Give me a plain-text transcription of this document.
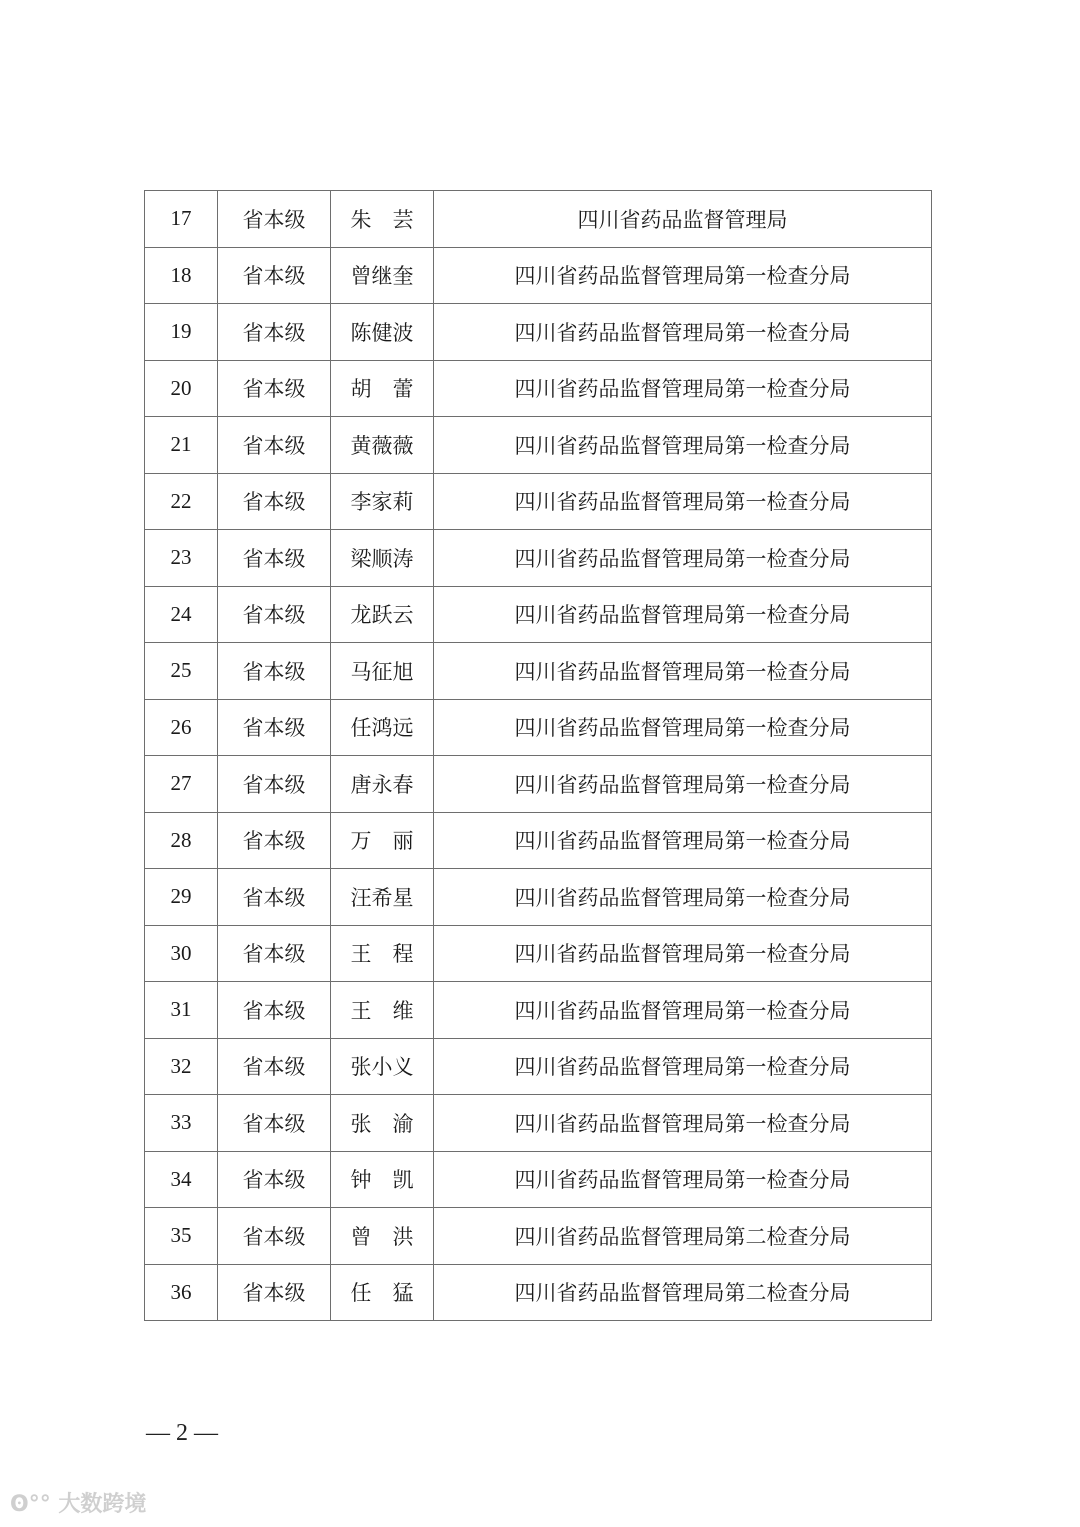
17	省本级	朱　芸	四川省药品监督管理局
18	省本级	曾继奎	四川省药品监督管理局第一检查分局
19	省本级	陈健波	四川省药品监督管理局第一检查分局
20	省本级	胡　蕾	四川省药品监督管理局第一检查分局
21	省本级	黄薇薇	四川省药品监督管理局第一检查分局
22	省本级	李家莉	四川省药品监督管理局第一检查分局
23	省本级	梁顺涛	四川省药品监督管理局第一检查分局
24	省本级	龙跃云	四川省药品监督管理局第一检查分局
25	省本级	马征旭	四川省药品监督管理局第一检查分局
26	省本级	任鸿远	四川省药品监督管理局第一检查分局
27	省本级	唐永春	四川省药品监督管理局第一检查分局
28	省本级	万　丽	四川省药品监督管理局第一检查分局
29	省本级	汪希星	四川省药品监督管理局第一检查分局
30	省本级	王　程	四川省药品监督管理局第一检查分局
31	省本级	王　维	四川省药品监督管理局第一检查分局
32	省本级	张小义	四川省药品监督管理局第一检查分局
33	省本级	张　渝	四川省药品监督管理局第一检查分局
34	省本级	钟　凯	四川省药品监督管理局第一检查分局
35	省本级	曾　洪	四川省药品监督管理局第二检查分局
36	省本级	任　猛	四川省药品监督管理局第二检查分局
— 2 —
ʘ°° 大数跨境
